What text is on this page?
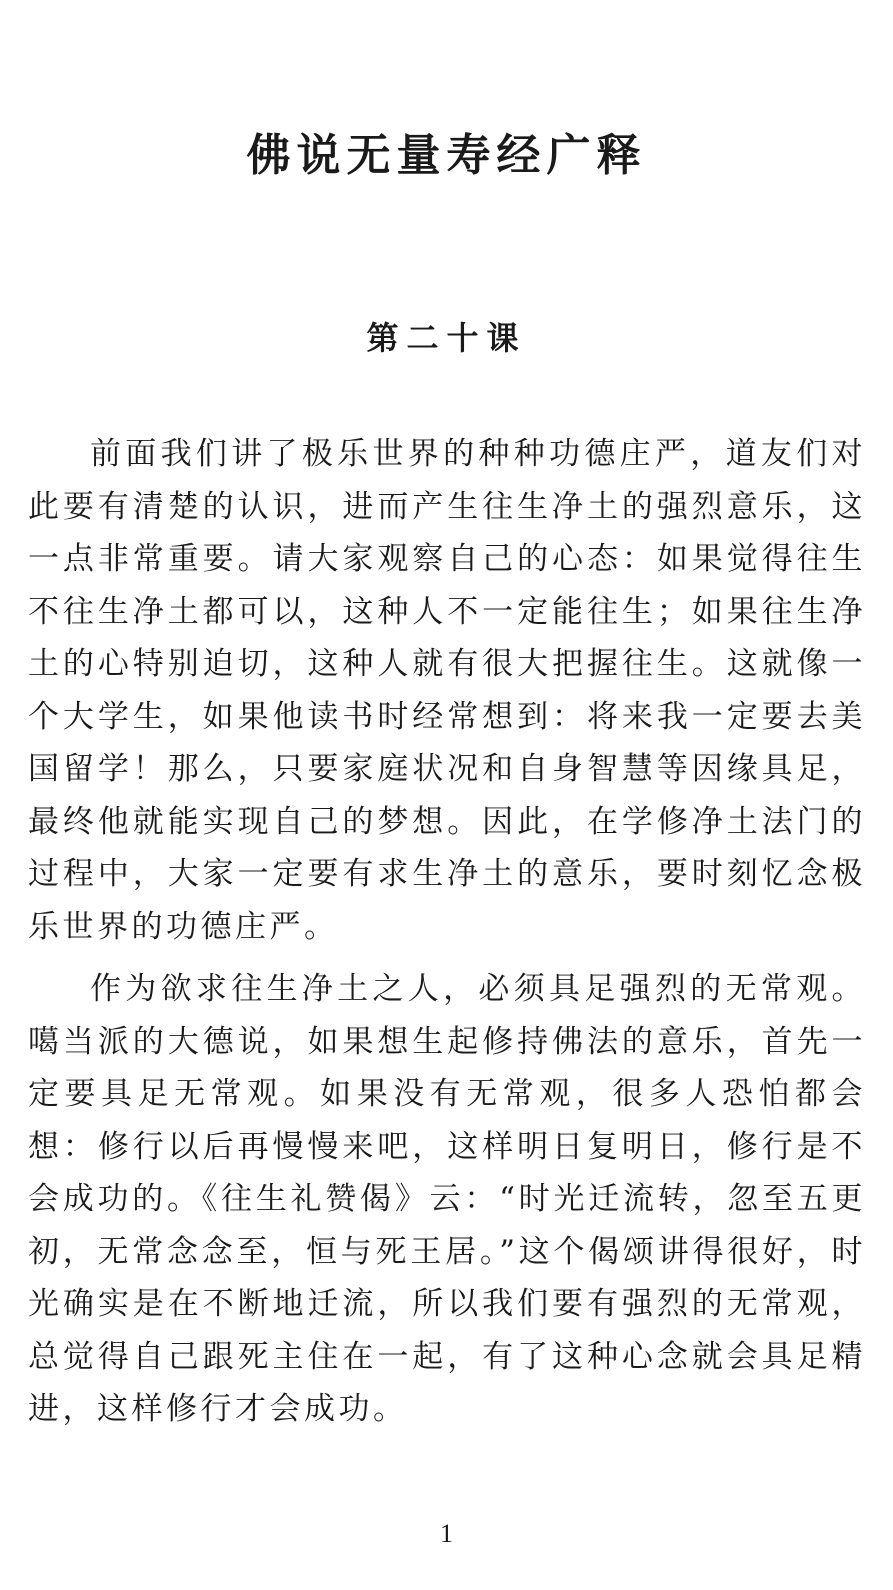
佛说无量寿经广释
第二十课

前面我们讲了极乐世界的种种功德庄严，道友们对此要有清楚的认识，进而产生往生净土的强烈意乐，这一点非常重要。请大家观察自己的心态：如果觉得往生不往生净土都可以，这种人不一定能往生；如果往生净土的心特别迫切，这种人就有很大把握往生。这就像一个大学生，如果他读书时经常想到：将来我一定要去美国留学！那么，只要家庭状况和自身智慧等因缘具足，最终他就能实现自己的梦想。因此，在学修净土法门的过程中，大家一定要有求生净土的意乐，要时刻忆念极乐世界的功德庄严。

作为欲求往生净土之人，必须具足强烈的无常观。噶当派的大德说，如果想生起修持佛法的意乐，首先一定要具足无常观。如果没有无常观，很多人恐怕都会想：修行以后再慢慢来吧，这样明日复明日，修行是不会成功的。《往生礼赞偈》云：“时光迁流转，忽至五更初，无常念念至，恒与死王居。”这个偈颂讲得很好，时光确实是在不断地迁流，所以我们要有强烈的无常观，总觉得自己跟死主住在一起，有了这种心念就会具足精进，这样修行才会成功。

1
